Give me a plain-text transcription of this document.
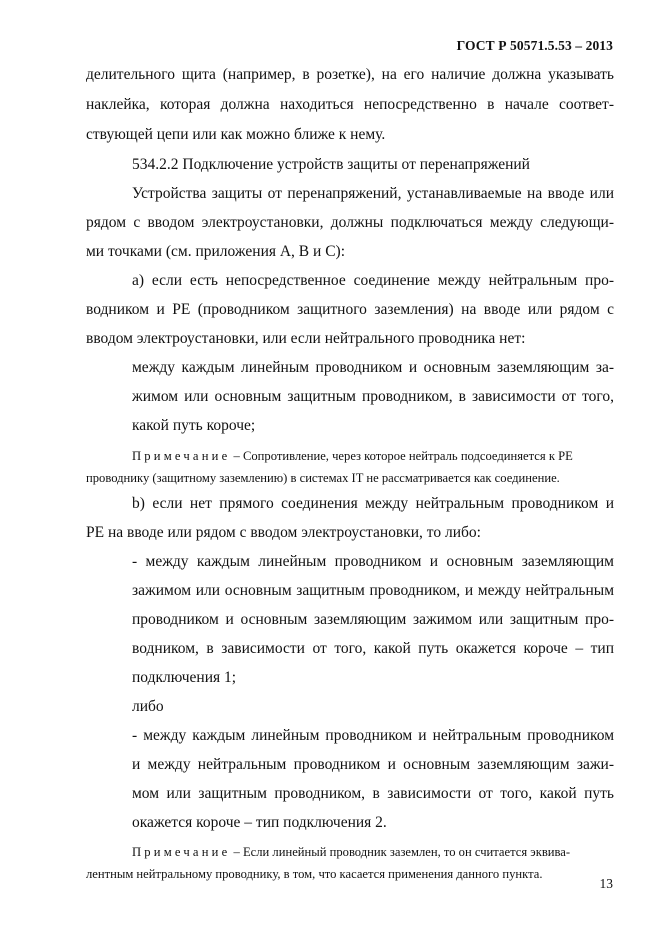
ГОСТ Р 50571.5.53 – 2013
делительного щита (например, в розетке), на его наличие должна указывать
наклейка, которая должна находиться непосредственно в начале соответ-
ствующей цепи или как можно ближе к нему.
534.2.2 Подключение устройств защиты от перенапряжений
Устройства защиты от перенапряжений, устанавливаемые на вводе или
рядом с вводом электроустановки, должны подключаться между следующи-
ми точками (см. приложения A, B и C):
a) если есть непосредственное соединение между нейтральным про-
водником и PE (проводником защитного заземления) на вводе или рядом с
вводом электроустановки, или если нейтрального проводника нет:
между каждым линейным проводником и основным заземляющим за-
жимом или основным защитным проводником, в зависимости от того,
какой путь короче;
Примечание – Сопротивление, через которое нейтраль подсоединяется к PE
проводнику (защитному заземлению) в системах IT не рассматривается как соединение.
b) если нет прямого соединения между нейтральным проводником и
PE на вводе или рядом с вводом электроустановки, то либо:
- между каждым линейным проводником и основным заземляющим
зажимом или основным защитным проводником, и между нейтральным
проводником и основным заземляющим зажимом или защитным про-
водником, в зависимости от того, какой путь окажется короче – тип
подключения 1;
либо
- между каждым линейным проводником и нейтральным проводником
и между нейтральным проводником и основным заземляющим зажи-
мом или защитным проводником, в зависимости от того, какой путь
окажется короче – тип подключения 2.
Примечание – Если линейный проводник заземлен, то он считается эквива-
лентным нейтральному проводнику, в том, что касается применения данного пункта.
13
